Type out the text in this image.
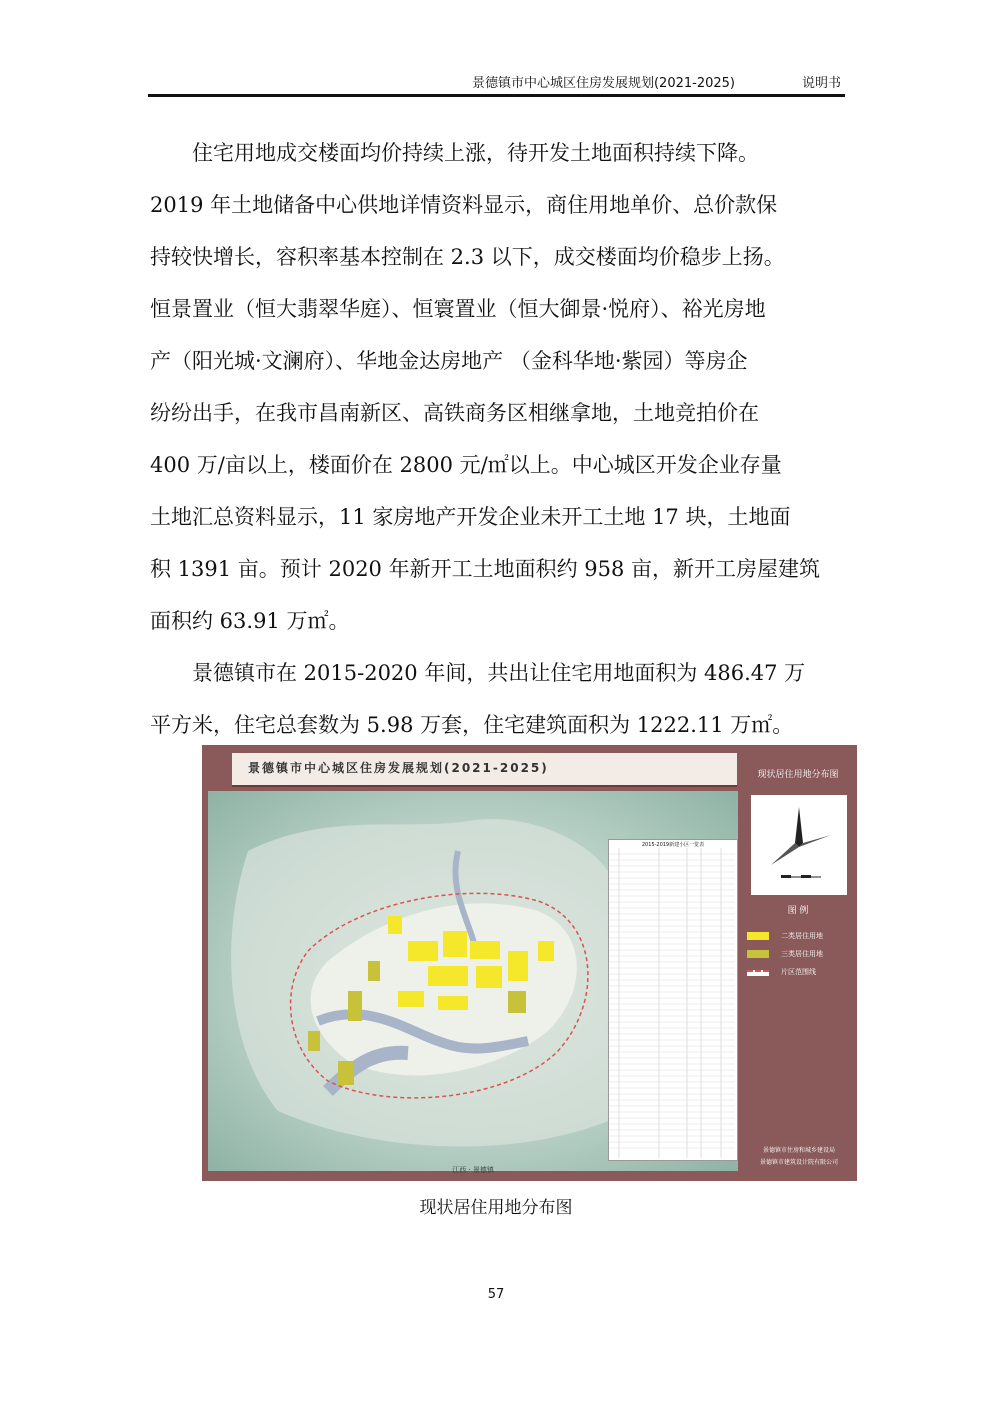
景德镇市中心城区住房发展规划(2021-2025)	说明书

住宅用地成交楼面均价持续上涨，待开发土地面积持续下降。 2019 年土地储备中心供地详情资料显示，商住用地单价、总价款保 持较快增长，容积率基本控制在 2.3 以下，成交楼面均价稳步上扬。 恒景置业（恒大翡翠华庭）、恒寰置业（恒大御景·悦府）、裕光房地 产（阳光城·文澜府）、华地金达房地产 （金科华地·紫园）等房企 纷纷出手，在我市昌南新区、高铁商务区相继拿地，土地竞拍价在 400 万/亩以上，楼面价在 2800 元/㎡以上。中心城区开发企业存量 土地汇总资料显示，11 家房地产开发企业未开工土地 17 块，土地面 积 1391 亩。预计 2020 年新开工土地面积约 958 亩，新开工房屋建筑 面积约 63.91 万㎡。

景德镇市在 2015-2020 年间，共出让住宅用地面积为 486.47 万 平方米，住宅总套数为 5.98 万套，住宅建筑面积为 1222.11 万㎡。

景德镇市中心城区住房发展规划(2021-2025)
2015-2019新建小区一览表
江西 · 景德镇
现状居住用地分布图
图 例
二类居住用地
三类居住用地
片区范围线
景德镇市住房和城乡建设局
景德镇市建筑设计院有限公司
现状居住用地分布图
57
